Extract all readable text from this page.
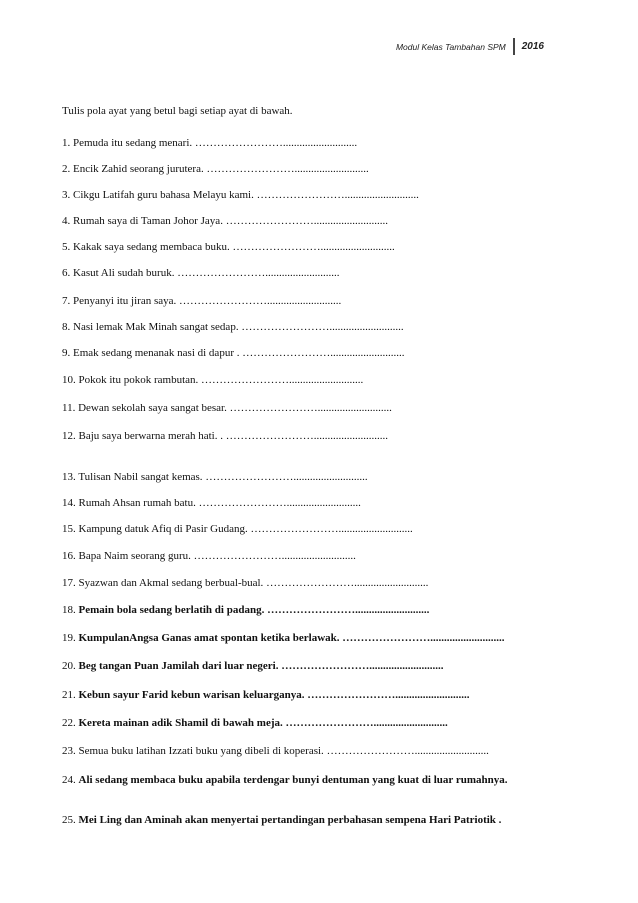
Modul Kelas Tambahan SPM	2016
Tulis pola ayat yang betul bagi setiap ayat di bawah.
1. Pemuda itu sedang menari. ……………………...........................
2. Encik Zahid seorang jurutera. ……………………...........................
3. Cikgu Latifah guru bahasa Melayu kami. ……………………...........................
4. Rumah saya di Taman Johor Jaya. ……………………...........................
5. Kakak saya sedang membaca buku. ……………………...........................
6. Kasut Ali sudah buruk. ……………………...........................
7. Penyanyi itu jiran saya. ……………………...........................
8. Nasi lemak Mak Minah sangat sedap. ……………………...........................
9. Emak sedang menanak nasi di dapur . ……………………...........................
10. Pokok itu pokok rambutan. ……………………...........................
11. Dewan sekolah saya sangat besar. ……………………...........................
12. Baju saya berwarna merah hati. . ……………………...........................
13. Tulisan Nabil sangat kemas. ……………………...........................
14. Rumah Ahsan rumah batu. ……………………...........................
15. Kampung datuk Afiq di Pasir Gudang. ……………………...........................
16. Bapa Naim seorang guru. ……………………...........................
17. Syazwan dan Akmal sedang berbual-bual. ……………………...........................
18. Pemain bola sedang berlatih di padang. ……………………...........................
19. KumpulanAngsa Ganas amat spontan ketika berlawak. ……………………...........................
20. Beg tangan Puan Jamilah dari luar negeri. ……………………...........................
21. Kebun sayur Farid kebun warisan keluarganya. ……………………...........................
22. Kereta mainan adik Shamil di bawah meja. ……………………...........................
23. Semua buku latihan Izzati buku yang dibeli di koperasi. ……………………...........................
24. Ali sedang membaca buku apabila terdengar bunyi dentuman yang kuat di luar rumahnya.
25. Mei Ling dan Aminah akan menyertai pertandingan perbahasan sempena Hari Patriotik .
